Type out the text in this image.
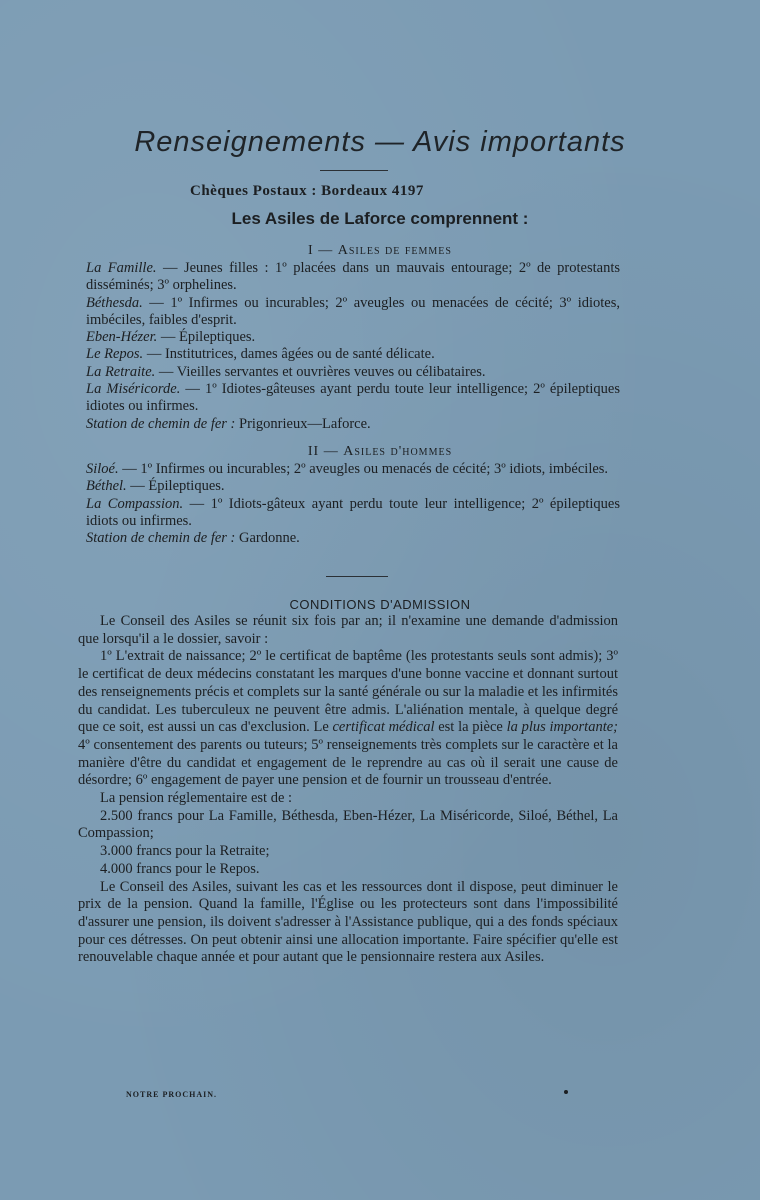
Renseignements — Avis importants
Chèques Postaux : Bordeaux 4197
Les Asiles de Laforce comprennent :
I — Asiles de femmes

La Famille. — Jeunes filles : 1º placées dans un mauvais entourage; 2º de protestants disséminés; 3º orphelines.

Béthesda. — 1º Infirmes ou incurables; 2º aveugles ou menacées de cécité; 3º idiotes, imbéciles, faibles d'esprit.

Eben-Hézer. — Épileptiques.

Le Repos. — Institutrices, dames âgées ou de santé délicate.

La Retraite. — Vieilles servantes et ouvrières veuves ou célibataires.

La Miséricorde. — 1º Idiotes-gâteuses ayant perdu toute leur intelligence; 2º épileptiques idiotes ou infirmes.

Station de chemin de fer : Prigonrieux—Laforce.

II — Asiles d'hommes

Siloé. — 1º Infirmes ou incurables; 2º aveugles ou menacés de cécité; 3º idiots, imbéciles.

Béthel. — Épileptiques.

La Compassion. — 1º Idiots-gâteux ayant perdu toute leur intelligence; 2º épileptiques idiots ou infirmes.

Station de chemin de fer : Gardonne.

CONDITIONS D'ADMISSION

Le Conseil des Asiles se réunit six fois par an; il n'examine une demande d'admission que lorsqu'il a le dossier, savoir :

1º L'extrait de naissance; 2º le certificat de baptême (les protestants seuls sont admis); 3º le certificat de deux médecins constatant les marques d'une bonne vaccine et donnant surtout des renseignements précis et complets sur la santé générale ou sur la maladie et les infirmités du candidat. Les tuberculeux ne peuvent être admis. L'aliénation mentale, à quelque degré que ce soit, est aussi un cas d'exclusion. Le certificat médical est la pièce la plus importante; 4º consentement des parents ou tuteurs; 5º renseignements très complets sur le caractère et la manière d'être du candidat et engagement de le reprendre au cas où il serait une cause de désordre; 6º engagement de payer une pension et de fournir un trousseau d'entrée.

La pension réglementaire est de :

2.500 francs pour La Famille, Béthesda, Eben-Hézer, La Miséricorde, Siloé, Béthel, La Compassion;

3.000 francs pour la Retraite;

4.000 francs pour le Repos.

Le Conseil des Asiles, suivant les cas et les ressources dont il dispose, peut diminuer le prix de la pension. Quand la famille, l'Église ou les protecteurs sont dans l'impossibilité d'assurer une pension, ils doivent s'adresser à l'Assistance publique, qui a des fonds spéciaux pour ces détresses. On peut obtenir ainsi une allocation importante. Faire spécifier qu'elle est renouvelable chaque année et pour autant que le pensionnaire restera aux Asiles.

NOTRE PROCHAIN.
